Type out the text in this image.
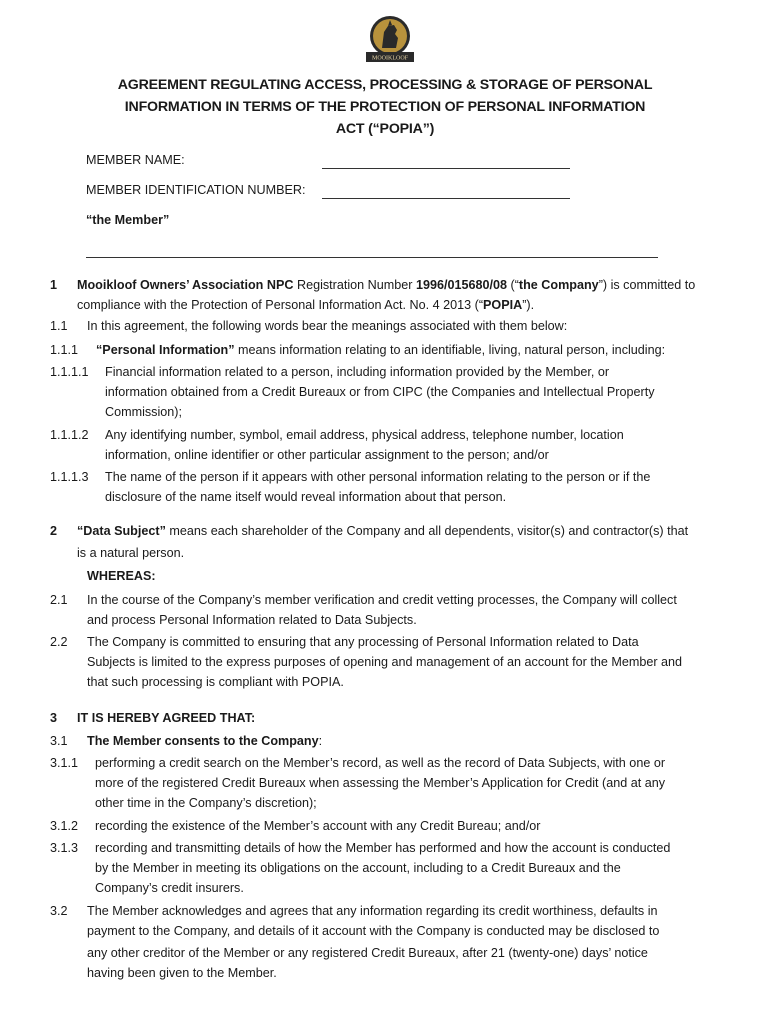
MOOIKLOOF
AGREEMENT REGULATING ACCESS, PROCESSING & STORAGE OF PERSONAL
INFORMATION IN TERMS OF THE PROTECTION OF PERSONAL INFORMATION
ACT (“POPIA”)
MEMBER NAME:
MEMBER IDENTIFICATION NUMBER:
“the Member”
1 Mooikloof Owners’ Association NPC Registration Number 1996/015680/08 (“the Company”) is committed to
compliance with the Protection of Personal Information Act. No. 4 2013 (“POPIA”).
1.1 In this agreement, the following words bear the meanings associated with them below:
1.1.1 “Personal Information” means information relating to an identifiable, living, natural person, including:
1.1.1.1 Financial information related to a person, including information provided by the Member, or
information obtained from a Credit Bureaux or from CIPC (the Companies and Intellectual Property
Commission);
1.1.1.2 Any identifying number, symbol, email address, physical address, telephone number, location
information, online identifier or other particular assignment to the person; and/or
1.1.1.3 The name of the person if it appears with other personal information relating to the person or if the
disclosure of the name itself would reveal information about that person.
2 “Data Subject” means each shareholder of the Company and all dependents, visitor(s) and contractor(s) that
is a natural person.
WHEREAS:
2.1 In the course of the Company’s member verification and credit vetting processes, the Company will collect
and process Personal Information related to Data Subjects.
2.2 The Company is committed to ensuring that any processing of Personal Information related to Data
Subjects is limited to the express purposes of opening and management of an account for the Member and
that such processing is compliant with POPIA.
3 IT IS HEREBY AGREED THAT:
3.1 The Member consents to the Company:
3.1.1 performing a credit search on the Member’s record, as well as the record of Data Subjects, with one or
more of the registered Credit Bureaux when assessing the Member’s Application for Credit (and at any
other time in the Company’s discretion);
3.1.2 recording the existence of the Member’s account with any Credit Bureau; and/or
3.1.3 recording and transmitting details of how the Member has performed and how the account is conducted
by the Member in meeting its obligations on the account, including to a Credit Bureaux and the
Company’s credit insurers.
3.2 The Member acknowledges and agrees that any information regarding its credit worthiness, defaults in
payment to the Company, and details of it account with the Company is conducted may be disclosed to
any other creditor of the Member or any registered Credit Bureaux, after 21 (twenty-one) days’ notice
having been given to the Member.
